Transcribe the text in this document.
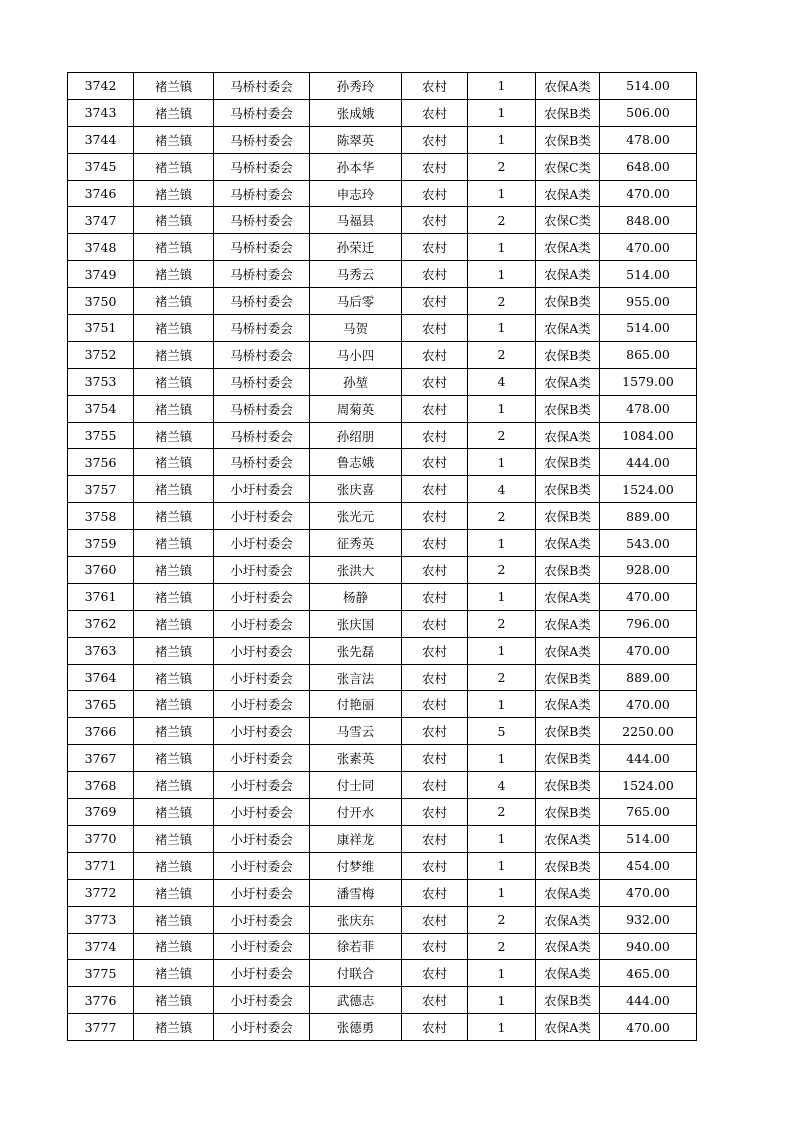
3742	褚兰镇	马桥村委会	孙秀玲	农村	1	农保A类	514.00
3743	褚兰镇	马桥村委会	张成娥	农村	1	农保B类	506.00
3744	褚兰镇	马桥村委会	陈翠英	农村	1	农保B类	478.00
3745	褚兰镇	马桥村委会	孙本华	农村	2	农保C类	648.00
3746	褚兰镇	马桥村委会	申志玲	农村	1	农保A类	470.00
3747	褚兰镇	马桥村委会	马福县	农村	2	农保C类	848.00
3748	褚兰镇	马桥村委会	孙荣迁	农村	1	农保A类	470.00
3749	褚兰镇	马桥村委会	马秀云	农村	1	农保A类	514.00
3750	褚兰镇	马桥村委会	马后零	农村	2	农保B类	955.00
3751	褚兰镇	马桥村委会	马贺	农村	1	农保A类	514.00
3752	褚兰镇	马桥村委会	马小四	农村	2	农保B类	865.00
3753	褚兰镇	马桥村委会	孙堃	农村	4	农保A类	1579.00
3754	褚兰镇	马桥村委会	周菊英	农村	1	农保B类	478.00
3755	褚兰镇	马桥村委会	孙绍朋	农村	2	农保A类	1084.00
3756	褚兰镇	马桥村委会	鲁志娥	农村	1	农保B类	444.00
3757	褚兰镇	小圩村委会	张庆喜	农村	4	农保B类	1524.00
3758	褚兰镇	小圩村委会	张光元	农村	2	农保B类	889.00
3759	褚兰镇	小圩村委会	征秀英	农村	1	农保A类	543.00
3760	褚兰镇	小圩村委会	张洪大	农村	2	农保B类	928.00
3761	褚兰镇	小圩村委会	杨静	农村	1	农保A类	470.00
3762	褚兰镇	小圩村委会	张庆国	农村	2	农保A类	796.00
3763	褚兰镇	小圩村委会	张先磊	农村	1	农保A类	470.00
3764	褚兰镇	小圩村委会	张言法	农村	2	农保B类	889.00
3765	褚兰镇	小圩村委会	付艳丽	农村	1	农保A类	470.00
3766	褚兰镇	小圩村委会	马雪云	农村	5	农保B类	2250.00
3767	褚兰镇	小圩村委会	张素英	农村	1	农保B类	444.00
3768	褚兰镇	小圩村委会	付士同	农村	4	农保B类	1524.00
3769	褚兰镇	小圩村委会	付开水	农村	2	农保B类	765.00
3770	褚兰镇	小圩村委会	康祥龙	农村	1	农保A类	514.00
3771	褚兰镇	小圩村委会	付梦维	农村	1	农保B类	454.00
3772	褚兰镇	小圩村委会	潘雪梅	农村	1	农保A类	470.00
3773	褚兰镇	小圩村委会	张庆东	农村	2	农保A类	932.00
3774	褚兰镇	小圩村委会	徐若菲	农村	2	农保A类	940.00
3775	褚兰镇	小圩村委会	付联合	农村	1	农保A类	465.00
3776	褚兰镇	小圩村委会	武德志	农村	1	农保B类	444.00
3777	褚兰镇	小圩村委会	张德勇	农村	1	农保A类	470.00
